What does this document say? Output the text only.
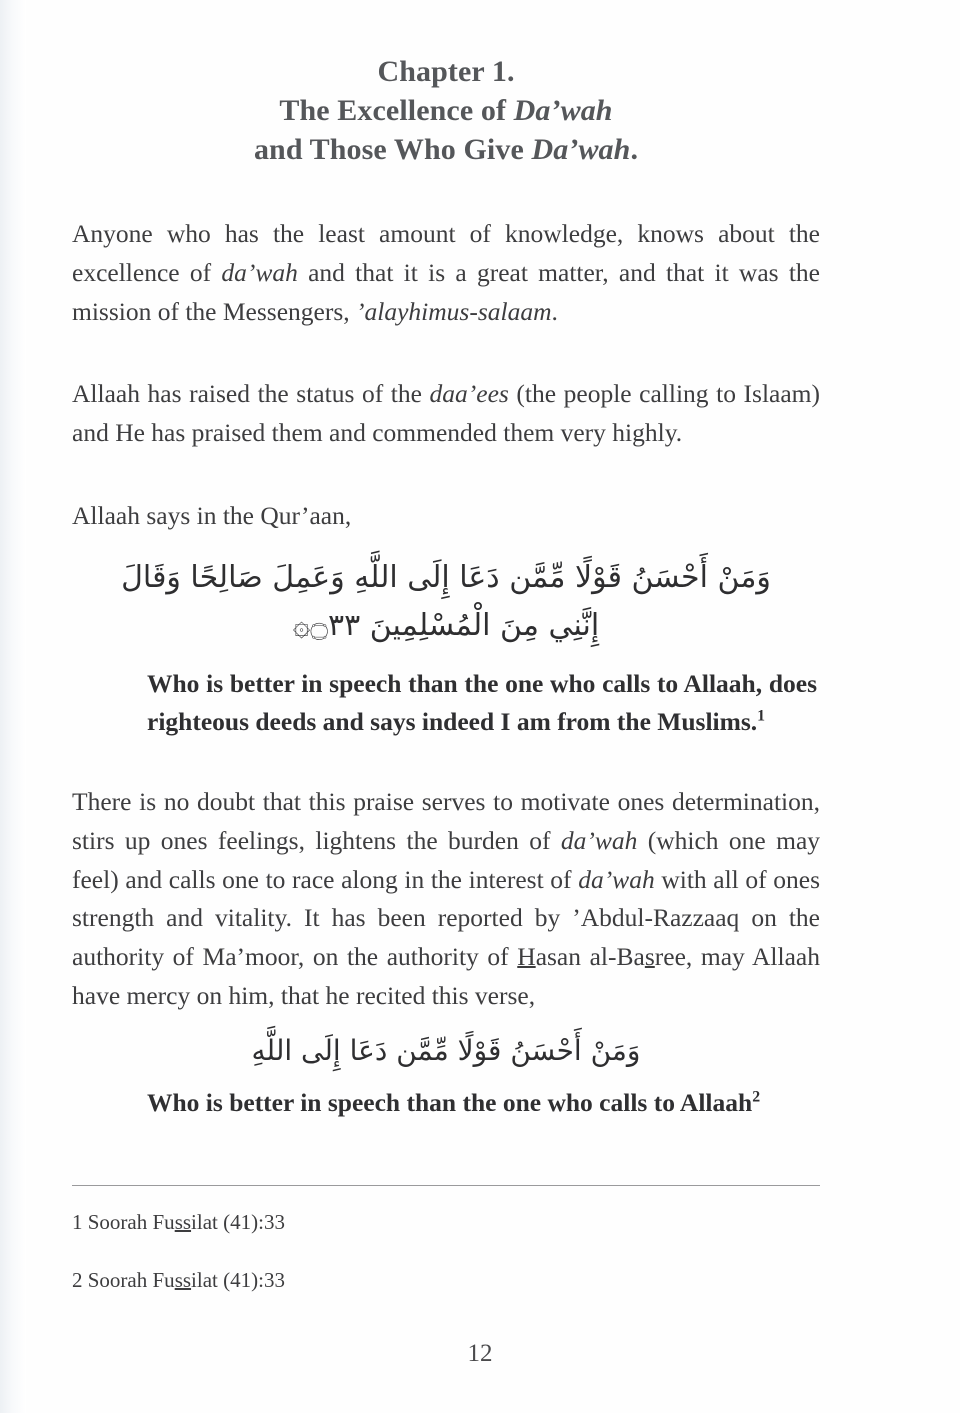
Chapter 1.
The Excellence of Da’wah
and Those Who Give Da’wah.

Anyone who has the least amount of knowledge, knows about the excellence of da’wah and that it is a great matter, and that it was the mission of the Messengers, ’alayhimus-salaam.

Allaah has raised the status of the daa’ees (the people calling to Islaam) and He has praised them and commended them very highly.

Allaah says in the Qur’aan,

وَمَنْ أَحْسَنُ قَوْلًا مِّمَّن دَعَا إِلَى اللَّهِ وَعَمِلَ صَالِحًا وَقَالَ
إِنَّنِي مِنَ الْمُسْلِمِينَ ۝٣٣۞

Who is better in speech than the one who calls to Allaah, does righteous deeds and says indeed I am from the Muslims.$^1$

There is no doubt that this praise serves to motivate ones determination, stirs up ones feelings, lightens the burden of da’wah (which one may feel) and calls one to race along in the interest of da’wah with all of ones strength and vitality. It has been reported by ’Abdul-Razzaaq on the authority of Ma’moor, on the authority of Hasan al-Basree, may Allaah have mercy on him, that he recited this verse,

وَمَنْ أَحْسَنُ قَوْلًا مِّمَّن دَعَا إِلَى اللَّهِ

Who is better in speech than the one who calls to Allaah$^2$

1 Soorah Fussilat (41):33

2 Soorah Fussilat (41):33

12
